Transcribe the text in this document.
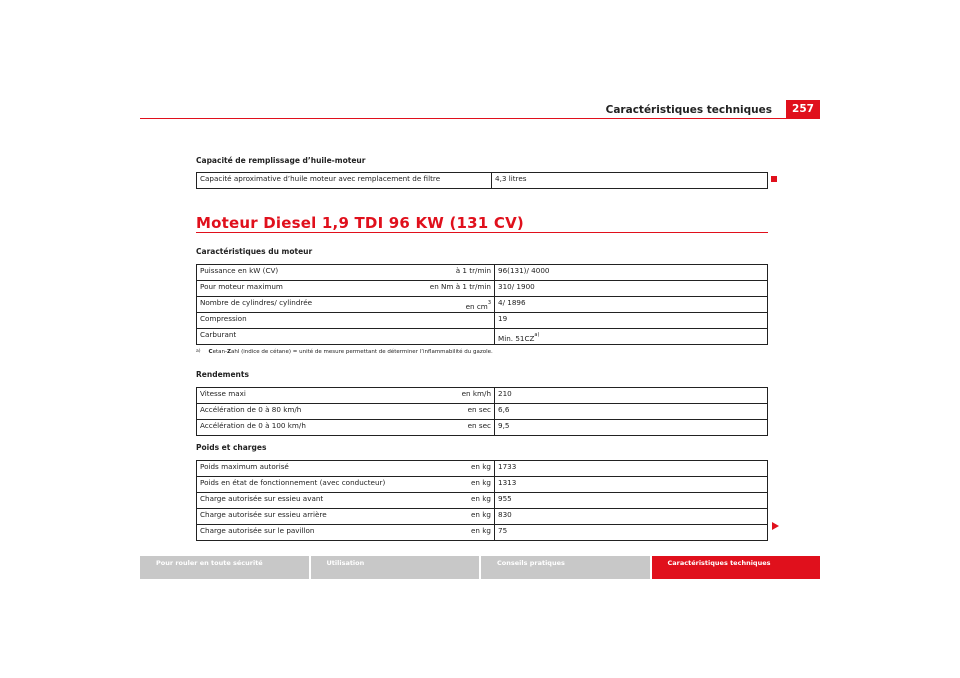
Caractéristiques techniques	257
Capacité de remplissage d’huile-moteur
Capacité aproximative d’huile moteur avec remplacement de filtre	4,3 litres
Moteur Diesel 1,9 TDI 96 KW (131 CV)
Caractéristiques du moteur
Puissance en kW (CV)	à 1 tr/min	96(131)/ 4000
Pour moteur maximum	en Nm à 1 tr/min	310/ 1900
Nombre de cylindres/ cylindrée	en $cm^3$	4/ 1896
Compression		19
Carburant		Min. 51CZ$^{a)}$
$^{a)}$ Cetan-Zahl (indice de cétane) = unité de mesure permettant de déterminer l’inflammabilité du gazole.
Rendements
Vitesse maxi	en km/h	210
Accélération de 0 à 80 km/h	en sec	6,6
Accélération de 0 à 100 km/h	en sec	9,5
Poids et charges
Poids maximum autorisé	en kg	1733
Poids en état de fonctionnement (avec conducteur)	en kg	1313
Charge autorisée sur essieu avant	en kg	955
Charge autorisée sur essieu arrière	en kg	830
Charge autorisée sur le pavillon	en kg	75
Pour rouler en toute sécurité	Utilisation	Conseils pratiques	Caractéristiques techniques
